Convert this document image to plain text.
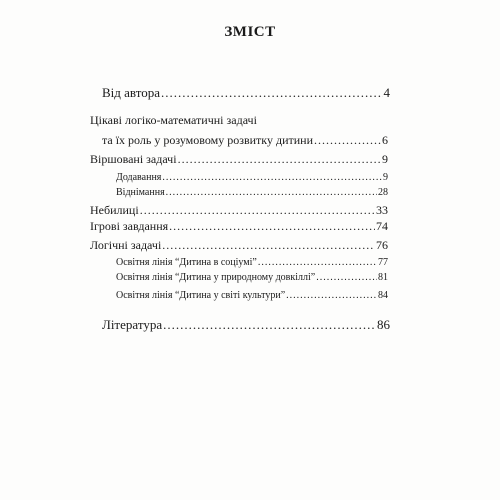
ЗМІСТ
Від автора .....	4
Цікаві логіко-математичні задачі
та їх роль у розумовому розвитку дитини .....	6
Віршовані задачі .....	9
Додавання .....	9
Віднімання .....	28
Небилиці .....	33
Ігрові завдання .....	74
Логічні задачі .....	76
Освітня лінія “Дитина в соціумі” .....	77
Освітня лінія “Дитина у природному довкіллі” .....	81
Освітня лінія “Дитина у світі культури” .....	84
Література .....	86
